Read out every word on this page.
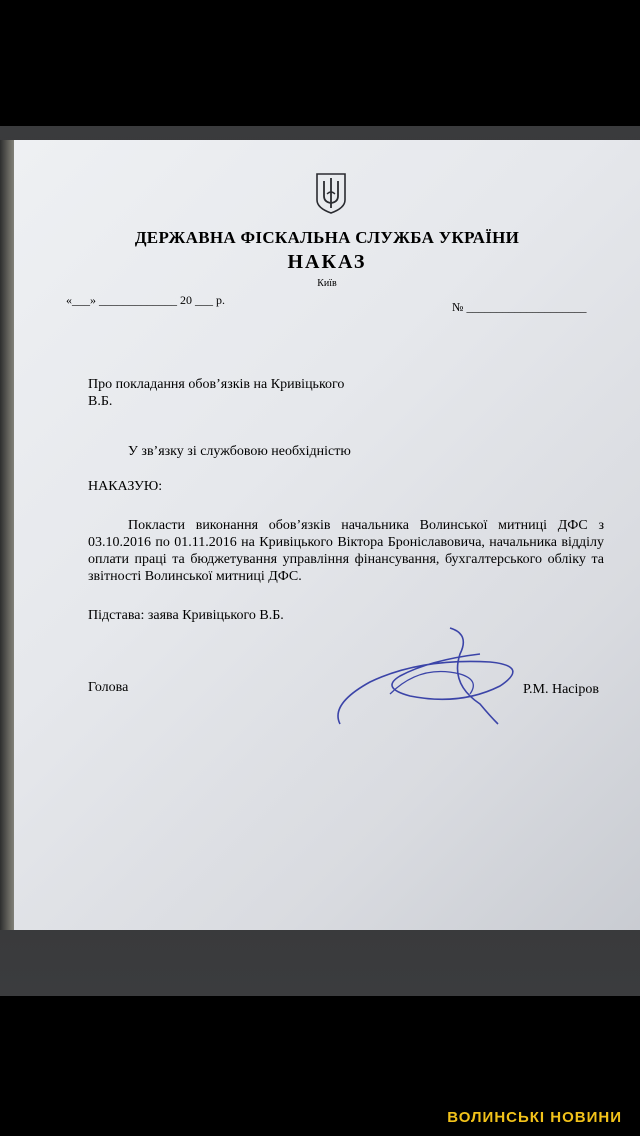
ДЕРЖАВНА ФІСКАЛЬНА СЛУЖБА УКРАЇНИ
НАКАЗ
Київ
«___» _____________ 20 ___ р.	№ ____________________
Про покладання обов’язків на Кривіцького В.Б.
У зв’язку зі службовою необхідністю
НАКАЗУЮ:
Покласти виконання обов’язків начальника Волинської митниці ДФС з 03.10.2016 по 01.11.2016 на Кривіцького Віктора Броніславовича, начальника відділу оплати праці та бюджетування управління фінансування, бухгалтерського обліку та звітності Волинської митниці ДФС.
Підстава: заява Кривіцького В.Б.
Голова	Р.М. Насіров
ВОЛИНСЬКІ НОВИНИ
